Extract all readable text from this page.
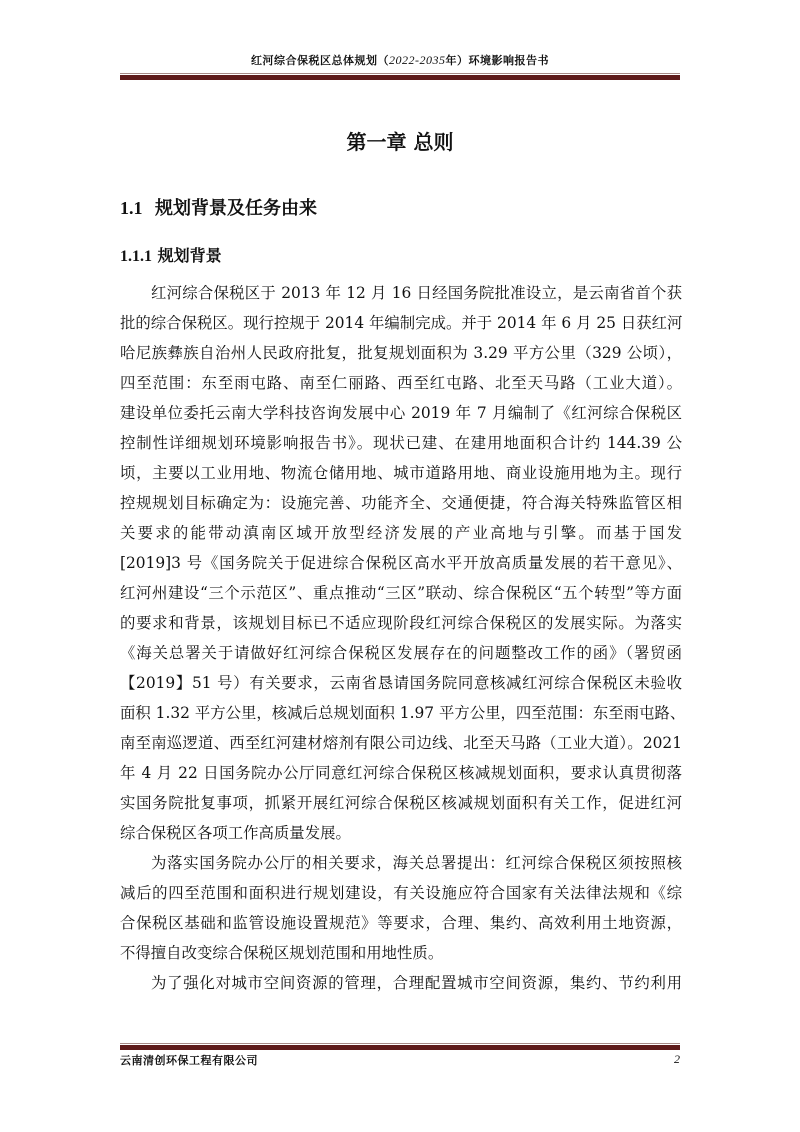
红河综合保税区总体规划（2022-2035年）环境影响报告书
第一章 总则
1.1 规划背景及任务由来
1.1.1 规划背景
红河综合保税区于 2013 年 12 月 16 日经国务院批准设立，是云南省首个获
批的综合保税区。现行控规于 2014 年编制完成。并于 2014 年 6 月 25 日获红河
哈尼族彝族自治州人民政府批复，批复规划面积为 3.29 平方公里（329 公顷），
四至范围：东至雨屯路、南至仁丽路、西至红屯路、北至天马路（工业大道）。
建设单位委托云南大学科技咨询发展中心 2019 年 7 月编制了《红河综合保税区
控制性详细规划环境影响报告书》。现状已建、在建用地面积合计约 144.39 公
顷，主要以工业用地、物流仓储用地、城市道路用地、商业设施用地为主。现行
控规规划目标确定为：设施完善、功能齐全、交通便捷，符合海关特殊监管区相
关要求的能带动滇南区域开放型经济发展的产业高地与引擎。而基于国发
[2019]3 号《国务院关于促进综合保税区高水平开放高质量发展的若干意见》、
红河州建设“三个示范区”、重点推动“三区”联动、综合保税区“五个转型”等方面
的要求和背景，该规划目标已不适应现阶段红河综合保税区的发展实际。为落实
《海关总署关于请做好红河综合保税区发展存在的问题整改工作的函》（署贸函
【2019】51 号）有关要求，云南省恳请国务院同意核减红河综合保税区未验收
面积 1.32 平方公里，核减后总规划面积 1.97 平方公里，四至范围：东至雨屯路、
南至南巡逻道、西至红河建材熔剂有限公司边线、北至天马路（工业大道）。2021
年 4 月 22 日国务院办公厅同意红河综合保税区核减规划面积，要求认真贯彻落
实国务院批复事项，抓紧开展红河综合保税区核减规划面积有关工作，促进红河
综合保税区各项工作高质量发展。
为落实国务院办公厅的相关要求，海关总署提出：红河综合保税区须按照核
减后的四至范围和面积进行规划建设，有关设施应符合国家有关法律法规和《综
合保税区基础和监管设施设置规范》等要求，合理、集约、高效利用土地资源，
不得擅自改变综合保税区规划范围和用地性质。
为了强化对城市空间资源的管理，合理配置城市空间资源，集约、节约利用
云南清创环保工程有限公司	2
